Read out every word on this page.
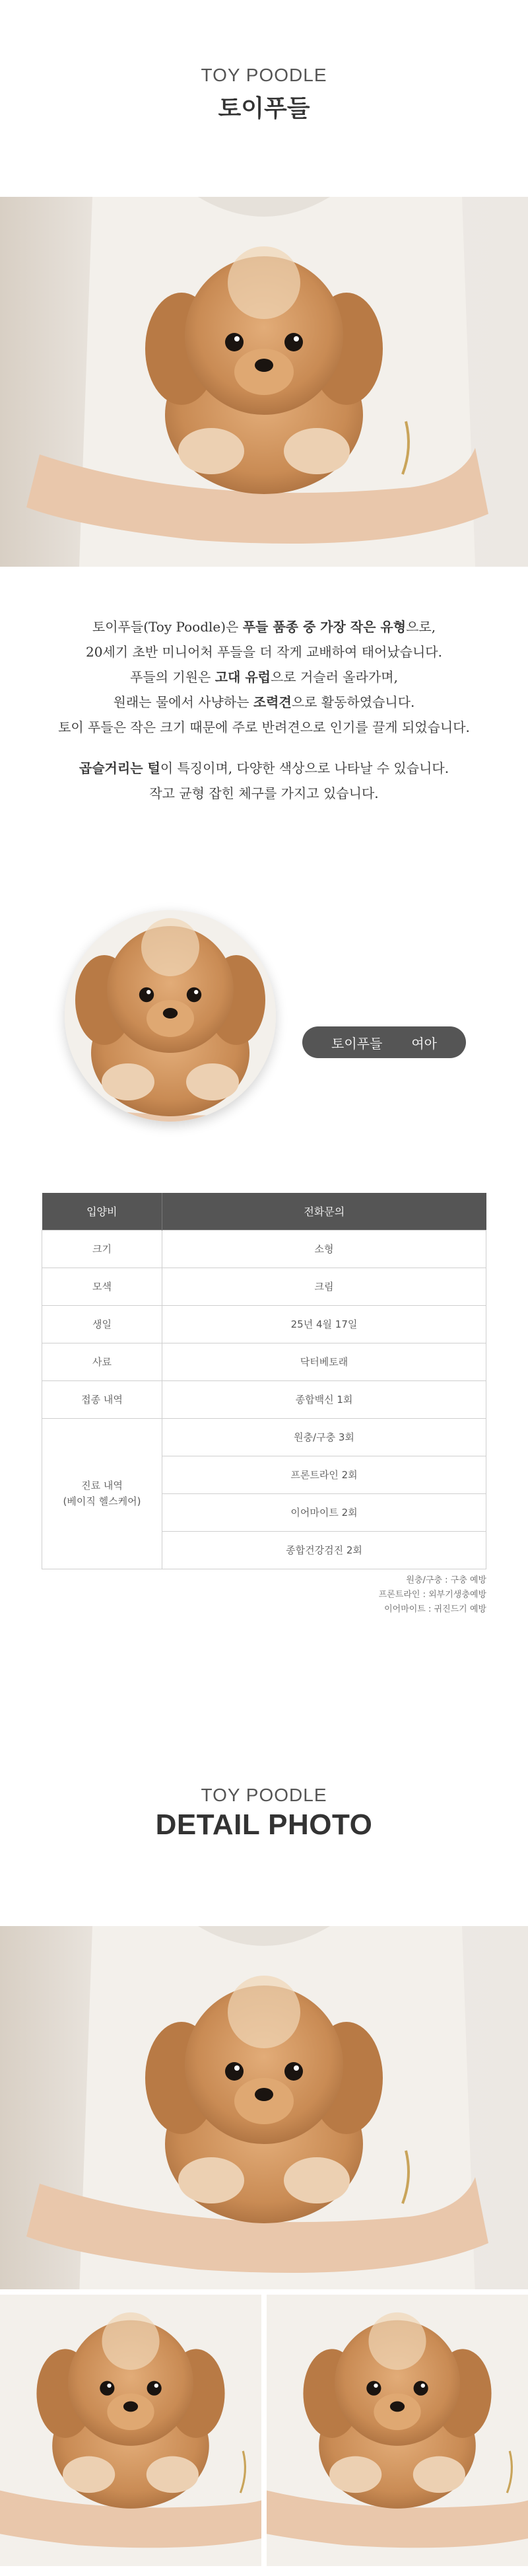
TOY POODLE
토이푸들
토이푸들(Toy Poodle)은 푸들 품종 중 가장 작은 유형으로,
20세기 초반 미니어처 푸들을 더 작게 교배하여 태어났습니다.
푸들의 기원은 고대 유럽으로 거슬러 올라가며,
원래는 물에서 사냥하는 조력견으로 활동하였습니다.
토이 푸들은 작은 크기 때문에 주로 반려견으로 인기를 끌게 되었습니다.
곱슬거리는 털이 특징이며, 다양한 색상으로 나타날 수 있습니다.
작고 균형 잡힌 체구를 가지고 있습니다.
토이푸들 여아
입양비	전화문의
크기	소형
모색	크림
생일	25년 4월 17일
사료	닥터베토래
접종 내역	종합백신 1회

진료 내역
(베이직 헬스케어)	원충/구충 3회
	프론트라인 2회
	이어마이트 2회
	종합건강검진 2회
원충/구충 : 구충 예방
프론트라인 : 외부기생충예방
이어마이트 : 귀진드기 예방
TOY POODLE
DETAIL PHOTO
